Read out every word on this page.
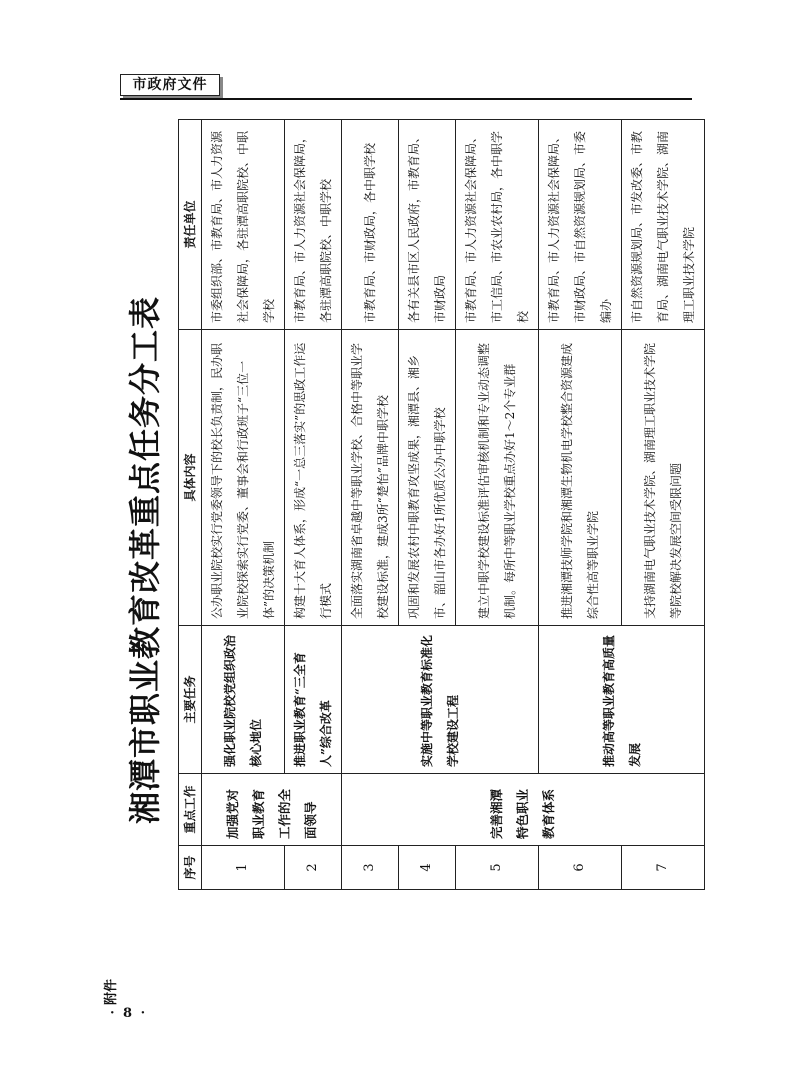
市政府文件
附件
湘潭市职业教育改革重点任务分工表
序号	重点工作	主要任务	具体内容	责任单位
1	加强党对职业教育工作的全面领导	强化职业院校党组织政治核心地位	公办职业院校实行党委领导下的校长负责制，民办职业院校探索实行党委、董事会和行政班子“三位一体”的决策机制	市委组织部、市教育局、市人力资源社会保障局，各驻潭高职院校、中职学校
2		推进职业教育“三全育人”综合改革	构建十大育人体系，形成“一总三落实”的思政工作运行模式	市教育局、市人力资源社会保障局，各驻潭高职院校、中职学校
3	完善湘潭特色职业教育体系	实施中等职业教育标准化学校建设工程	全面落实湖南省卓越中等职业学校、合格中等职业学校建设标准，建成3所“楚怡”品牌中职学校	市教育局、市财政局，各中职学校
4			巩固和发展农村中职教育攻坚成果，湘潭县、湘乡市、韶山市各办好1所优质公办中职学校	各有关县市区人民政府，市教育局、市财政局
5			建立中职学校建设标准评估审核机制和专业动态调整机制。每所中等职业学校重点办好1～2个专业群	市教育局、市人力资源社会保障局、市工信局、市农业农村局，各中职学校
6		推动高等职业教育高质量发展	推进湘潭技师学院和湘潭生物机电学校整合资源建成综合性高等职业学院	市教育局、市人力资源社会保障局、市财政局、市自然资源规划局、市委编办
7			支持湖南电气职业技术学院、湖南理工职业技术学院等院校解决发展空间受限问题	市自然资源规划局、市发改委、市教育局、湖南电气职业技术学院、湖南理工职业技术学院
· 8 ·
